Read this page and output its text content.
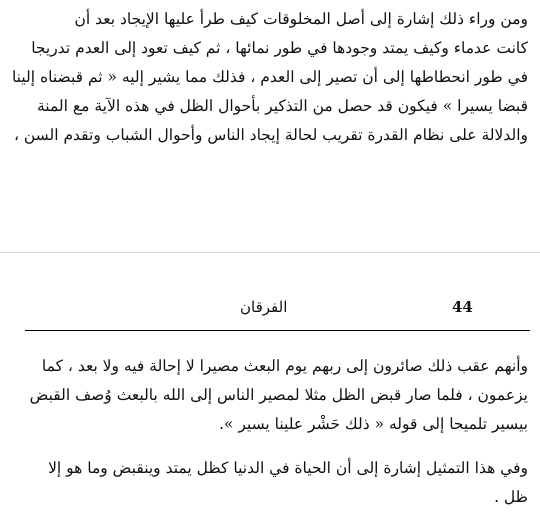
ومن وراء ذلك إشارة إلى أصل المخلوقات كيف طرأ عليها الإيجاد بعد أن
كانت عدماء وكيف يمتد وجودها في طور نمائها ، ثم كيف تعود إلى العدم تدريجا
في طور انحطاطها إلى أن تصير إلى العدم ، فذلك مما يشير إليه « ثم قبضناه إلينا
قبضا يسيرا » فيكون قد حصل من التذكير بأحوال الظل في هذه الآية مع المنة
والدلالة على نظام القدرة تقريب لحالة إيجاد الناس وأحوال الشباب وتقدم السن ،

الفرقان	44

وأنهم عقب ذلك صائرون إلى ربهم يوم البعث مصيرا لا إحالة فيه ولا بعد ، كما
يزعمون ، فلما صار قبض الظل مثلا لمصير الناس إلى الله بالبعث وُصف القبض
بيسير تلميحا إلى قوله « ذلك حَشْر علينا يسير ».

وفي هذا التمثيل إشارة إلى أن الحياة في الدنيا كظل يمتد وينقبض وما هو إلا
ظل .
